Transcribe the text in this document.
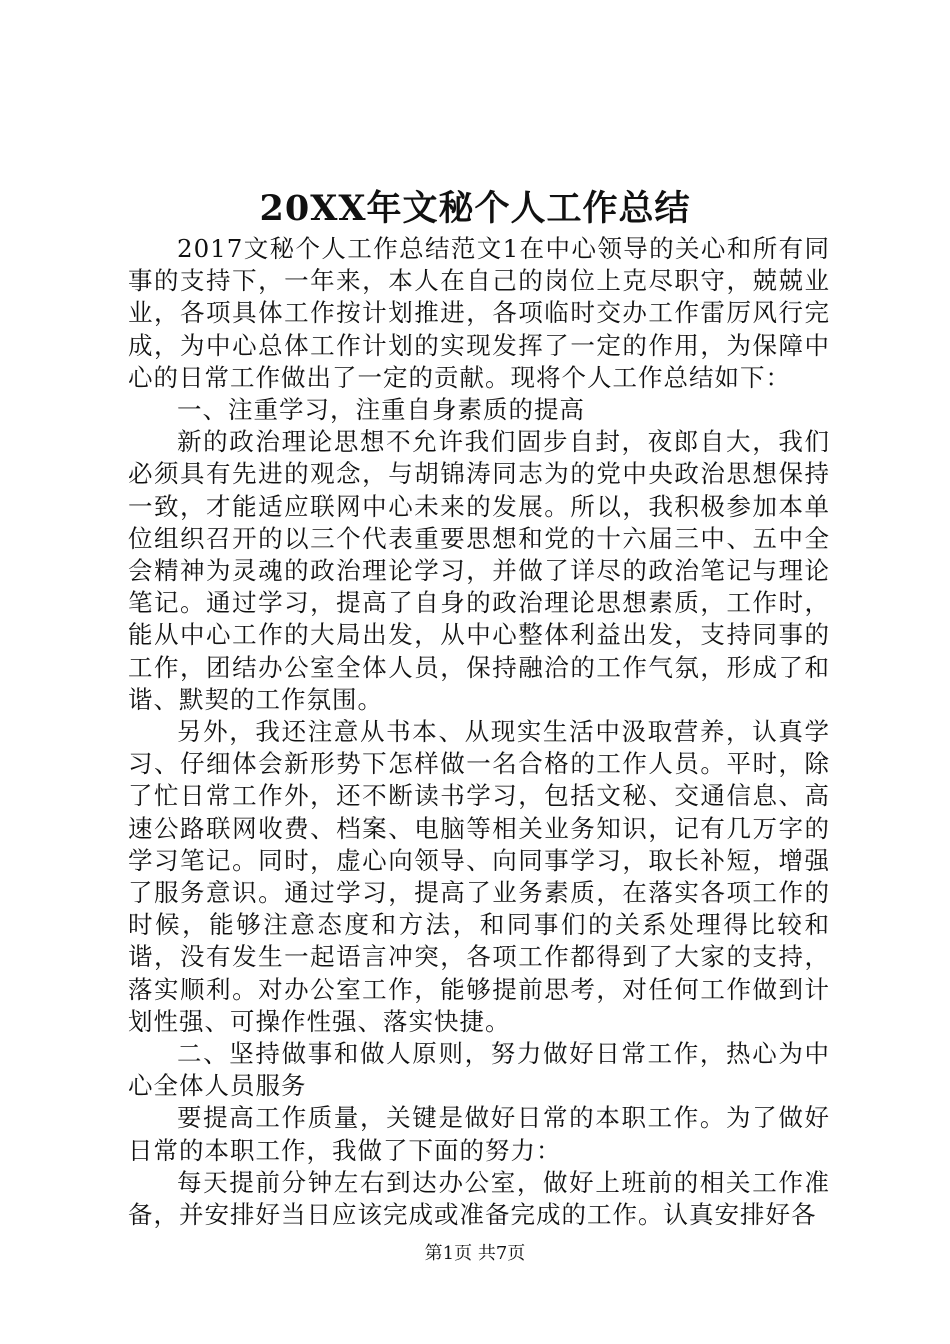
20XX年文秘个人工作总结

2017文秘个人工作总结范文1在中心领导的关心和所有同事的支持下，一年来，本人在自己的岗位上克尽职守，兢兢业业，各项具体工作按计划推进，各项临时交办工作雷厉风行完成，为中心总体工作计划的实现发挥了一定的作用，为保障中心的日常工作做出了一定的贡献。现将个人工作总结如下：

一、注重学习，注重自身素质的提高

新的政治理论思想不允许我们固步自封，夜郎自大，我们必须具有先进的观念，与胡锦涛同志为的党中央政治思想保持一致，才能适应联网中心未来的发展。所以，我积极参加本单位组织召开的以三个代表重要思想和党的十六届三中、五中全会精神为灵魂的政治理论学习，并做了详尽的政治笔记与理论笔记。通过学习，提高了自身的政治理论思想素质，工作时，能从中心工作的大局出发，从中心整体利益出发，支持同事的工作，团结办公室全体人员，保持融洽的工作气氛，形成了和谐、默契的工作氛围。

另外，我还注意从书本、从现实生活中汲取营养，认真学习、仔细体会新形势下怎样做一名合格的工作人员。平时，除了忙日常工作外，还不断读书学习，包括文秘、交通信息、高速公路联网收费、档案、电脑等相关业务知识，记有几万字的学习笔记。同时，虚心向领导、向同事学习，取长补短，增强了服务意识。通过学习，提高了业务素质，在落实各项工作的时候，能够注意态度和方法，和同事们的关系处理得比较和谐，没有发生一起语言冲突，各项工作都得到了大家的支持，落实顺利。对办公室工作，能够提前思考，对任何工作做到计划性强、可操作性强、落实快捷。

二、坚持做事和做人原则，努力做好日常工作，热心为中心全体人员服务

要提高工作质量，关键是做好日常的本职工作。为了做好日常的本职工作，我做了下面的努力：

每天提前分钟左右到达办公室，做好上班前的相关工作准备，并安排好当日应该完成或准备完成的工作。认真安排好各

第1页 共7页
